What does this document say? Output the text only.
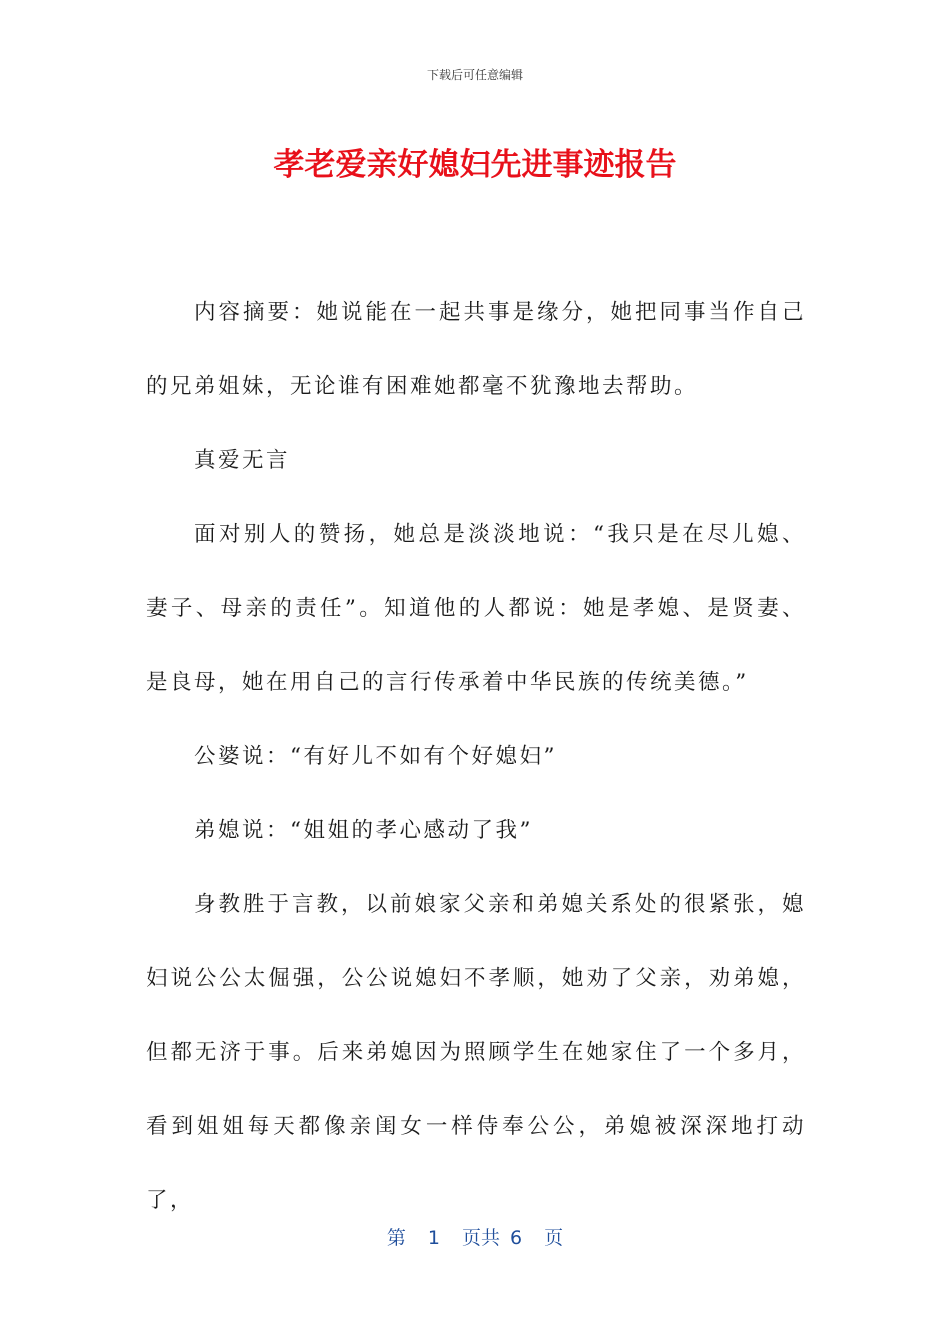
下载后可任意编辑
孝老爱亲好媳妇先进事迹报告

内容摘要：她说能在一起共事是缘分，她把同事当作自己的兄弟姐妹，无论谁有困难她都毫不犹豫地去帮助。

真爱无言

面对别人的赞扬，她总是淡淡地说：“我只是在尽儿媳、妻子、母亲的责任”。知道他的人都说：她是孝媳、是贤妻、是良母，她在用自己的言行传承着中华民族的传统美德。”

公婆说：“有好儿不如有个好媳妇”

弟媳说：“姐姐的孝心感动了我”

身教胜于言教，以前娘家父亲和弟媳关系处的很紧张，媳妇说公公太倔强，公公说媳妇不孝顺，她劝了父亲，劝弟媳，但都无济于事。后来弟媳因为照顾学生在她家住了一个多月，看到姐姐每天都像亲闺女一样侍奉公公，弟媳被深深地打动了，

第 1 页共 6 页
